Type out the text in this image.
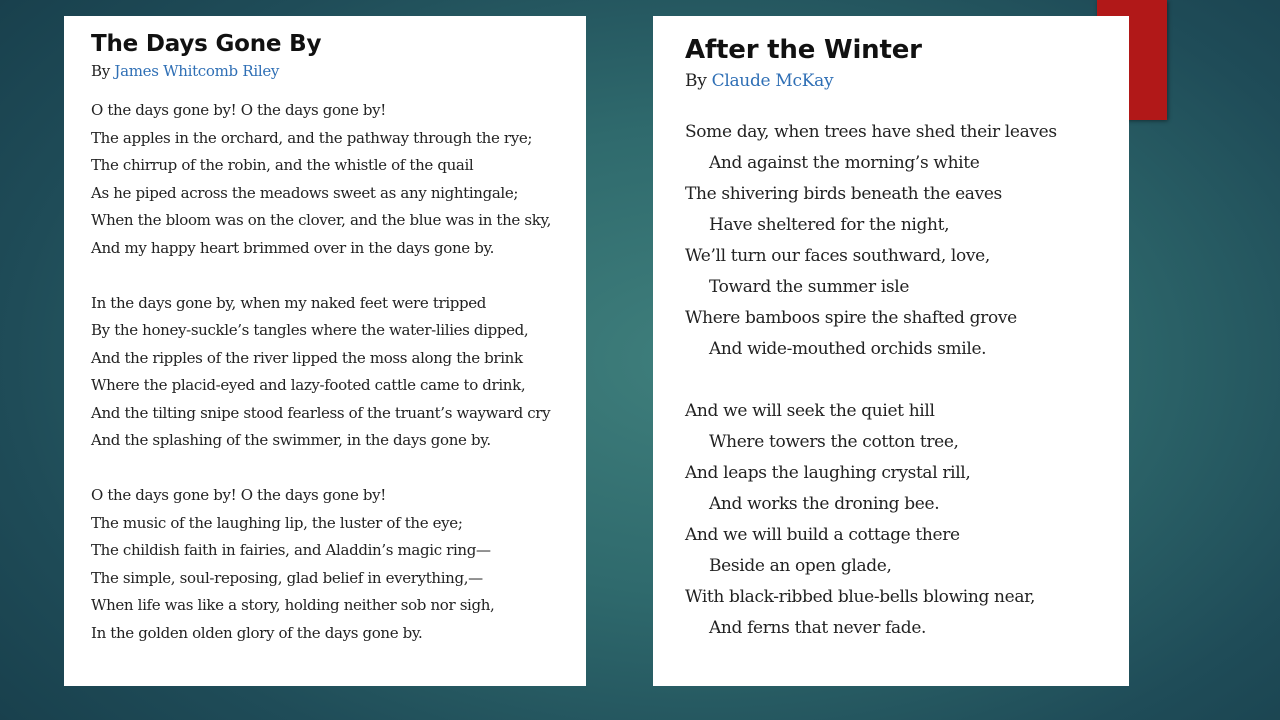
The Days Gone By

By James Whitcomb Riley

O the days gone by! O the days gone by!
The apples in the orchard, and the pathway through the rye;
The chirrup of the robin, and the whistle of the quail
As he piped across the meadows sweet as any nightingale;
When the bloom was on the clover, and the blue was in the sky,
And my happy heart brimmed over in the days gone by.
In the days gone by, when my naked feet were tripped
By the honey-suckle’s tangles where the water-lilies dipped,
And the ripples of the river lipped the moss along the brink
Where the placid-eyed and lazy-footed cattle came to drink,
And the tilting snipe stood fearless of the truant’s wayward cry
And the splashing of the swimmer, in the days gone by.
O the days gone by! O the days gone by!
The music of the laughing lip, the luster of the eye;
The childish faith in fairies, and Aladdin’s magic ring—
The simple, soul-reposing, glad belief in everything,—
When life was like a story, holding neither sob nor sigh,
In the golden olden glory of the days gone by.
After the Winter

By Claude McKay

Some day, when trees have shed their leaves
And against the morning’s white
The shivering birds beneath the eaves
Have sheltered for the night,
We’ll turn our faces southward, love,
Toward the summer isle
Where bamboos spire the shafted grove
And wide-mouthed orchids smile.
And we will seek the quiet hill
Where towers the cotton tree,
And leaps the laughing crystal rill,
And works the droning bee.
And we will build a cottage there
Beside an open glade,
With black-ribbed blue-bells blowing near,
And ferns that never fade.
